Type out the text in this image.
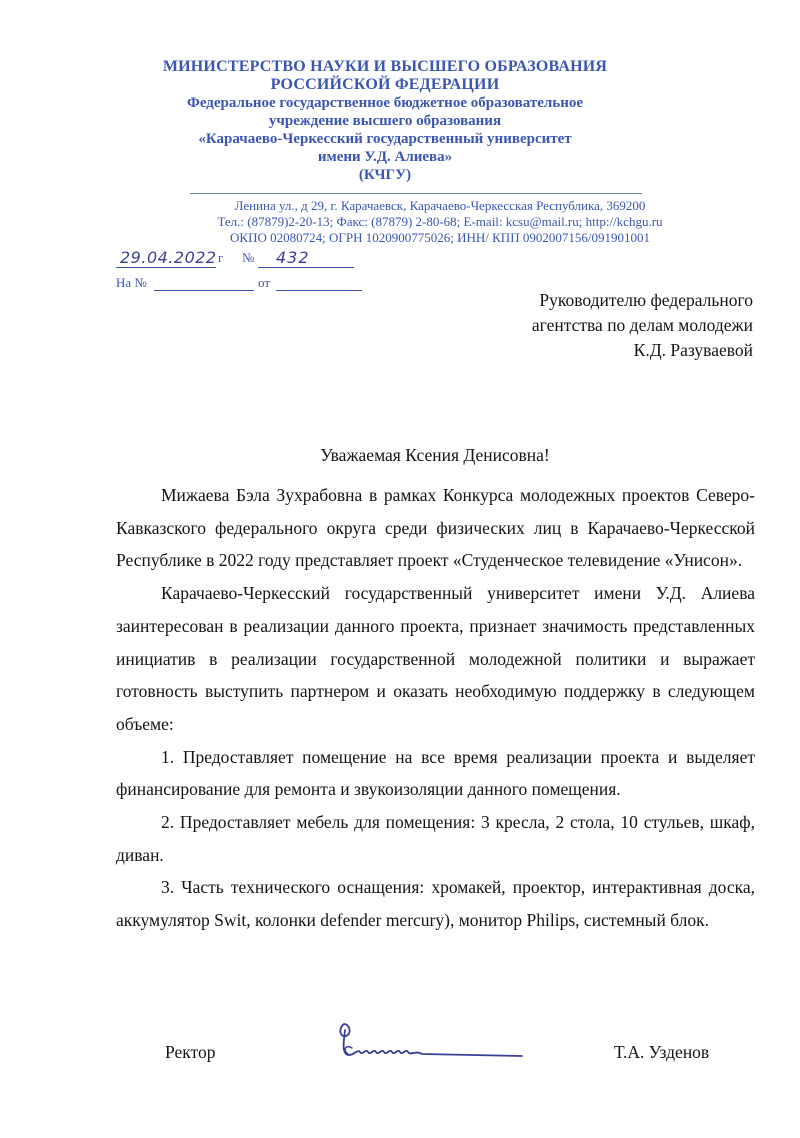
МИНИСТЕРСТВО НАУКИ И ВЫСШЕГО ОБРАЗОВАНИЯ
РОССИЙСКОЙ ФЕДЕРАЦИИ
Федеральное государственное бюджетное образовательное
учреждение высшего образования
«Карачаево-Черкесский государственный университет
имени У.Д. Алиева»
(КЧГУ)
Ленина ул., д 29, г. Карачаевск, Карачаево-Черкесская Республика, 369200
Тел.: (87879)2-20-13; Факс: (87879) 2-80-68; E-mail: kcsu@mail.ru; http://kchgu.ru
ОКПО 02080724; ОГРН 1020900775026; ИНН/ КПП 0902007156/091901001
29.04.2022 г № 432
На №	от
Руководителю федерального
агентства по делам молодежи
К.Д. Разуваевой
Уважаемая Ксения Денисовна!

Мижаева Бэла Зухрабовна в рамках Конкурса молодежных проектов Северо-Кавказского федерального округа среди физических лиц в Карачаево-Черкесской Республике в 2022 году представляет проект «Студенческое телевидение «Унисон».

Карачаево-Черкесский государственный университет имени У.Д. Алиева заинтересован в реализации данного проекта, признает значимость представленных инициатив в реализации государственной молодежной политики и выражает готовность выступить партнером и оказать необходимую поддержку в следующем объеме:

1. Предоставляет помещение на все время реализации проекта и выделяет финансирование для ремонта и звукоизоляции данного помещения.

2. Предоставляет мебель для помещения: 3 кресла, 2 стола, 10 стульев, шкаф, диван.

3. Часть технического оснащения: хромакей, проектор, интерактивная доска, аккумулятор Swit, колонки defender mercury), монитор Philips, системный блок.

Ректор	Т.А. Узденов
